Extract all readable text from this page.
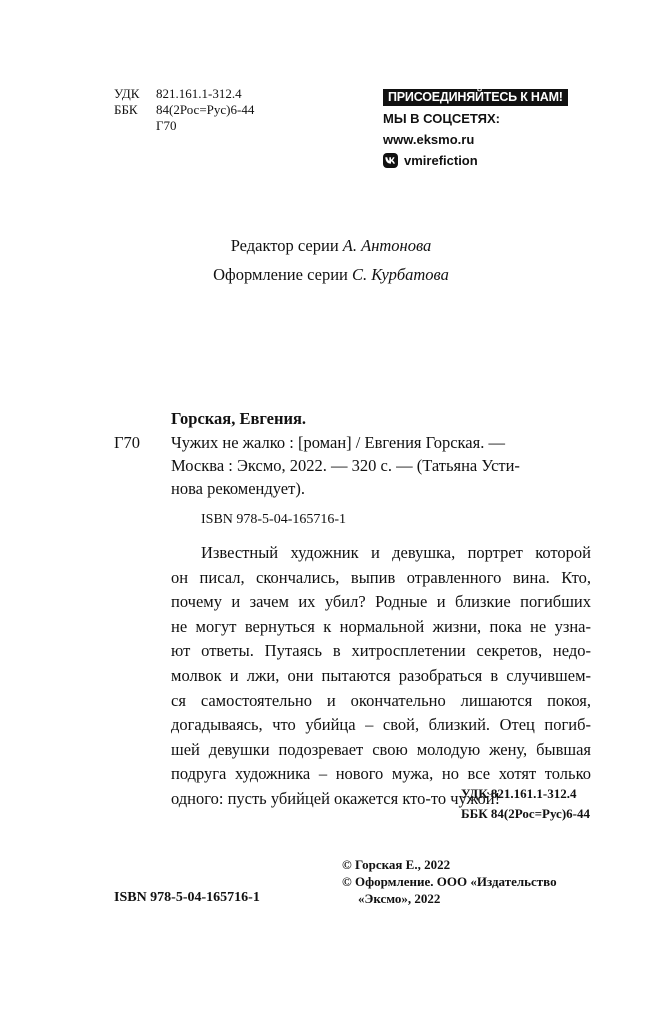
УДК 821.161.1-312.4
ББК 84(2Рос=Рус)6-44
Г70
ПРИСОЕДИНЯЙТЕСЬ К НАМ!
МЫ В СОЦСЕТЯХ:
www.eksmo.ru
vmirefiction
Редактор серии А. Антонова
Оформление серии С. Курбатова
Горская, Евгения.
Г70 Чужих не жалко : [роман] / Евгения Горская. —
Москва : Эксмо, 2022. — 320 с. — (Татьяна Усти-
нова рекомендует).
ISBN 978-5-04-165716-1
Известный художник и девушка, портрет которой
он писал, скончались, выпив отравленного вина. Кто,
почему и зачем их убил? Родные и близкие погибших
не могут вернуться к нормальной жизни, пока не узна-
ют ответы. Путаясь в хитросплетении секретов, недо-
молвок и лжи, они пытаются разобраться в случившем-
ся самостоятельно и окончательно лишаются покоя,
догадываясь, что убийца – свой, близкий. Отец погиб-
шей девушки подозревает свою молодую жену, бывшая
подруга художника – нового мужа, но все хотят только
одного: пусть убийцей окажется кто-то чужой!
УДК 821.161.1-312.4
ББК 84(2Рос=Рус)6-44
ISBN 978-5-04-165716-1
© Горская Е., 2022
© Оформление. ООО «Издательство
«Эксмо», 2022
